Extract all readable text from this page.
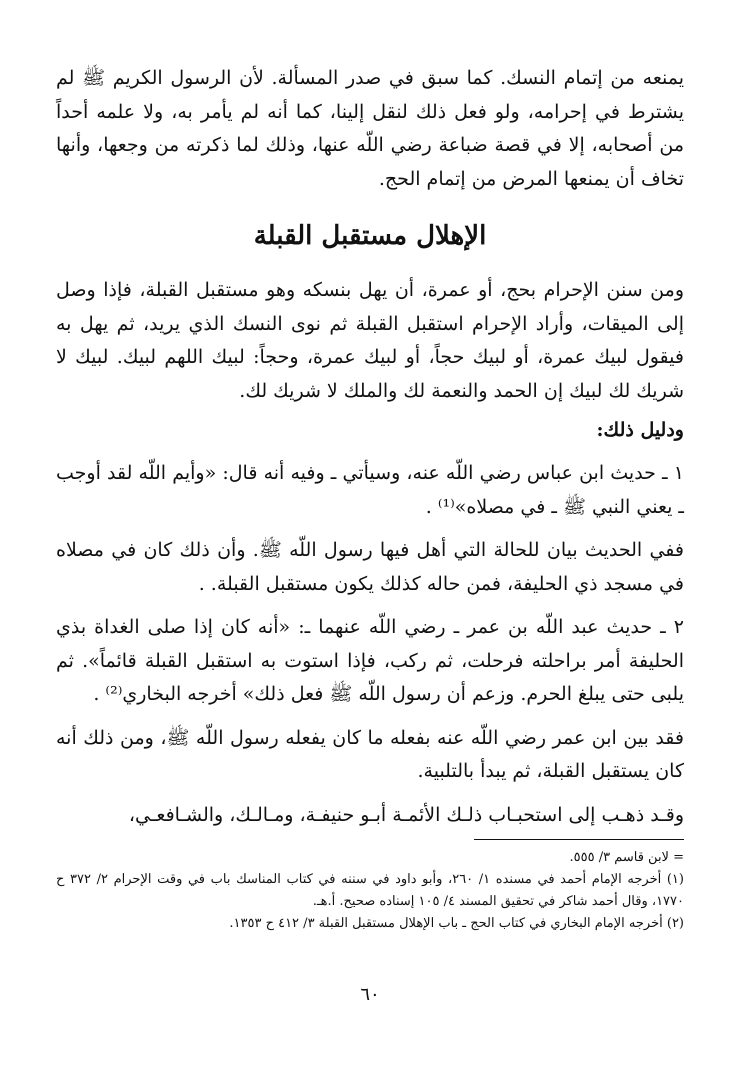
يمنعه من إتمام النسك. كما سبق في صدر المسألة. لأن الرسول الكريم ﷺ لم يشترط في إحرامه، ولو فعل ذلك لنقل إلينا، كما أنه لم يأمر به، ولا علمه أحداً من أصحابه، إلا في قصة ضباعة رضي اللّه عنها، وذلك لما ذكرته من وجعها، وأنها تخاف أن يمنعها المرض من إتمام الحج.

الإهلال مستقبل القبلة

ومن سنن الإحرام بحج، أو عمرة، أن يهل بنسكه وهو مستقبل القبلة، فإذا وصل إلى الميقات، وأراد الإحرام استقبل القبلة ثم نوى النسك الذي يريد، ثم يهل به فيقول لبيك عمرة، أو لبيك حجاً، أو لبيك عمرة، وحجاً: لبيك اللهم لبيك. لبيك لا شريك لك لبيك إن الحمد والنعمة لك والملك لا شريك لك.

ودليل ذلك:

١ ـ حديث ابن عباس رضي اللّه عنه، وسيأتي ـ وفيه أنه قال: «وأيم اللّه لقد أوجب ـ يعني النبي ﷺ ـ في مصلاه»⁽¹⁾ .

ففي الحديث بيان للحالة التي أهل فيها رسول اللّه ﷺ. وأن ذلك كان في مصلاه في مسجد ذي الحليفة، فمن حاله كذلك يكون مستقبل القبلة. .

٢ ـ حديث عبد اللّه بن عمر ـ رضي اللّه عنهما ـ: «أنه كان إذا صلى الغداة بذي الحليفة أمر براحلته فرحلت، ثم ركب، فإذا استوت به استقبل القبلة قائماً». ثم يلبى حتى يبلغ الحرم. وزعم أن رسول اللّه ﷺ فعل ذلك» أخرجه البخاري⁽²⁾ .

فقد بين ابن عمر رضي اللّه عنه بفعله ما كان يفعله رسول اللّه ﷺ، ومن ذلك أنه كان يستقبل القبلة، ثم يبدأ بالتلبية.

وقـد ذهـب إلى استحبـاب ذلـك الأئمـة أبـو حنيفـة، ومـالـك، والشـافعـي،

= لابن قاسم ٣/ ٥٥٥.

(١) أخرجه الإمام أحمد في مسنده ١/ ٢٦٠، وأبو داود في سننه في كتاب المناسك باب في وقت الإحرام ٢/ ٣٧٢ ح ١٧٧٠، وقال أحمد شاكر في تحقيق المسند ٤/ ١٠٥ إسناده صحيح. أ.هـ.

(٢) أخرجه الإمام البخاري في كتاب الحج ـ باب الإهلال مستقبل القبلة ٣/ ٤١٢ ح ١٣٥٣.

٦٠
